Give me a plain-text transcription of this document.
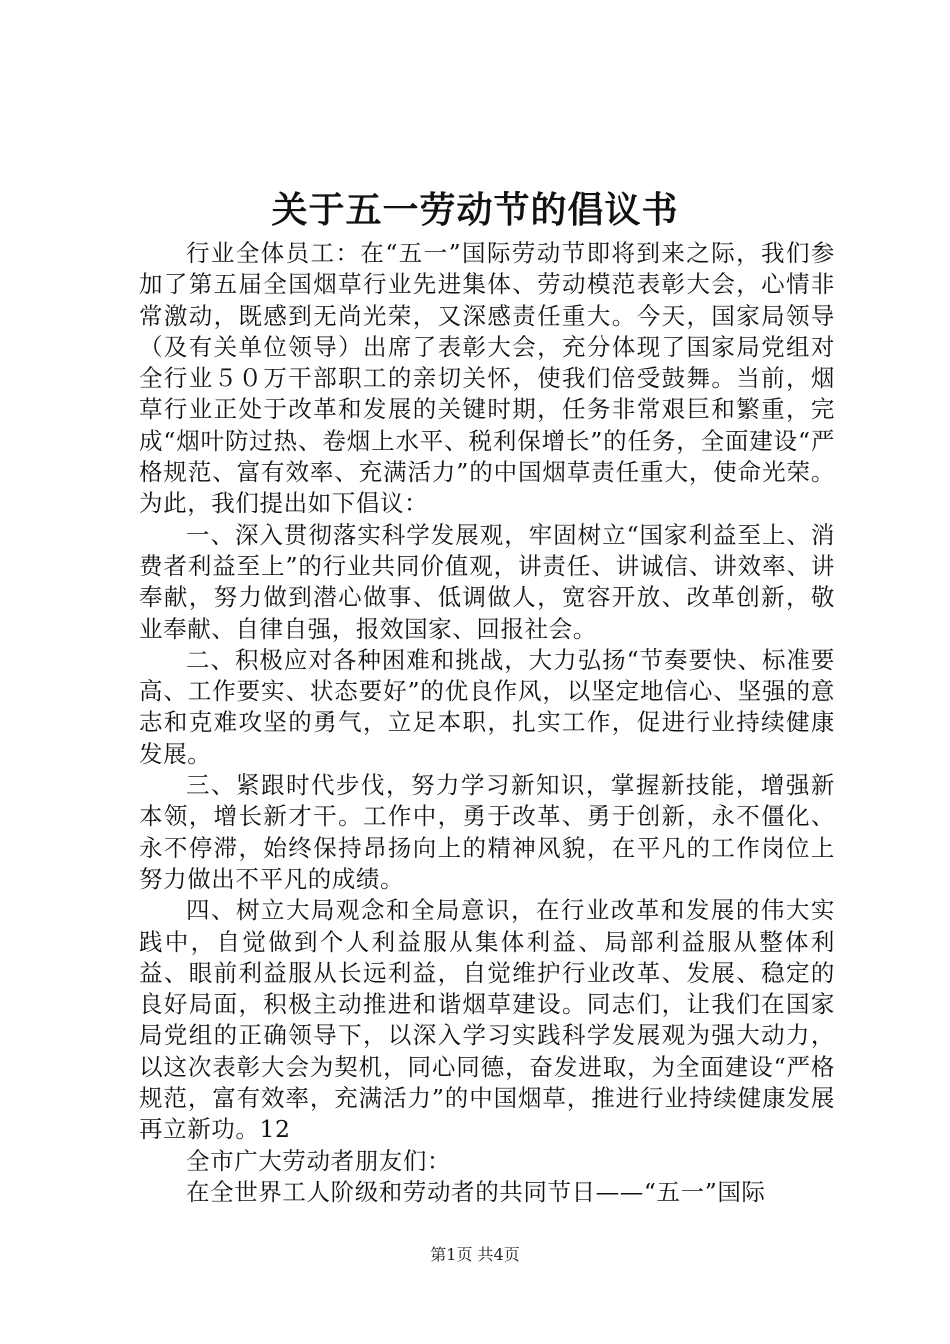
关于五一劳动节的倡议书

行业全体员工：在“五一”国际劳动节即将到来之际，我们参加了第五届全国烟草行业先进集体、劳动模范表彰大会，心情非常激动，既感到无尚光荣，又深感责任重大。今天，国家局领导（及有关单位领导）出席了表彰大会，充分体现了国家局党组对全行业５０万干部职工的亲切关怀，使我们倍受鼓舞。当前，烟草行业正处于改革和发展的关键时期，任务非常艰巨和繁重，完成“烟叶防过热、卷烟上水平、税利保增长”的任务，全面建设“严格规范、富有效率、充满活力”的中国烟草责任重大，使命光荣。为此，我们提出如下倡议：

一、深入贯彻落实科学发展观，牢固树立“国家利益至上、消费者利益至上”的行业共同价值观，讲责任、讲诚信、讲效率、讲奉献，努力做到潜心做事、低调做人，宽容开放、改革创新，敬业奉献、自律自强，报效国家、回报社会。

二、积极应对各种困难和挑战，大力弘扬“节奏要快、标准要高、工作要实、状态要好”的优良作风，以坚定地信心、坚强的意志和克难攻坚的勇气，立足本职，扎实工作，促进行业持续健康发展。

三、紧跟时代步伐，努力学习新知识，掌握新技能，增强新本领，增长新才干。工作中，勇于改革、勇于创新，永不僵化、永不停滞，始终保持昂扬向上的精神风貌，在平凡的工作岗位上努力做出不平凡的成绩。

四、树立大局观念和全局意识，在行业改革和发展的伟大实践中，自觉做到个人利益服从集体利益、局部利益服从整体利益、眼前利益服从长远利益，自觉维护行业改革、发展、稳定的良好局面，积极主动推进和谐烟草建设。同志们，让我们在国家局党组的正确领导下，以深入学习实践科学发展观为强大动力，以这次表彰大会为契机，同心同德，奋发进取，为全面建设“严格规范，富有效率，充满活力”的中国烟草，推进行业持续健康发展再立新功。12

全市广大劳动者朋友们：

在全世界工人阶级和劳动者的共同节日——“五一”国际

第1页 共4页
